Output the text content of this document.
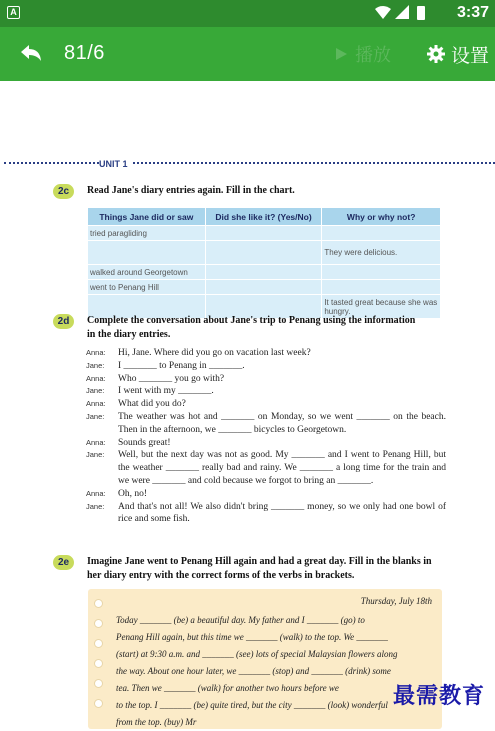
A	3:37
81/6	播放	设置
UNIT 1
2c	Read Jane's diary entries again. Fill in the chart.
Things Jane did or saw	Did she like it? (Yes/No)	Why or why not?
tried paragliding		
		They were delicious.
walked around Georgetown		
went to Penang Hill		
		It tasted great because she was hungry.
2d	Complete the conversation about Jane's trip to Penang using the information in the diary entries.
Anna:	Hi, Jane. Where did you go on vacation last week?
Jane:	I _______ to Penang in _______.
Anna:	Who _______ you go with?
Jane:	I went with my _______.
Anna:	What did you do?
Jane:	The weather was hot and _______ on Monday, so we went _______ on the beach. Then in the afternoon, we _______ bicycles to Georgetown.
Anna:	Sounds great!
Jane:	Well, but the next day was not as good. My _______ and I went to Penang Hill, but the weather _______ really bad and rainy. We _______ a long time for the train and we were _______ and cold because we forgot to bring an _______.
Anna:	Oh, no!
Jane:	And that's not all! We also didn't bring _______ money, so we only had one bowl of rice and some fish.
2e	Imagine Jane went to Penang Hill again and had a great day. Fill in the blanks in her diary entry with the correct forms of the verbs in brackets.
Thursday, July 18th
Today _______ (be) a beautiful day. My father and I _______ (go) to
Penang Hill again, but this time we _______ (walk) to the top. We _______
(start) at 9:30 a.m. and _______ (see) lots of special Malaysian flowers along
the way. About one hour later, we _______ (stop) and _______ (drink) some
tea. Then we _______ (walk) for another two hours before we
to the top. I _______ (be) quite tired, but the city _______ (look) wonderful
from the top. (buy) Mr
最需教育
